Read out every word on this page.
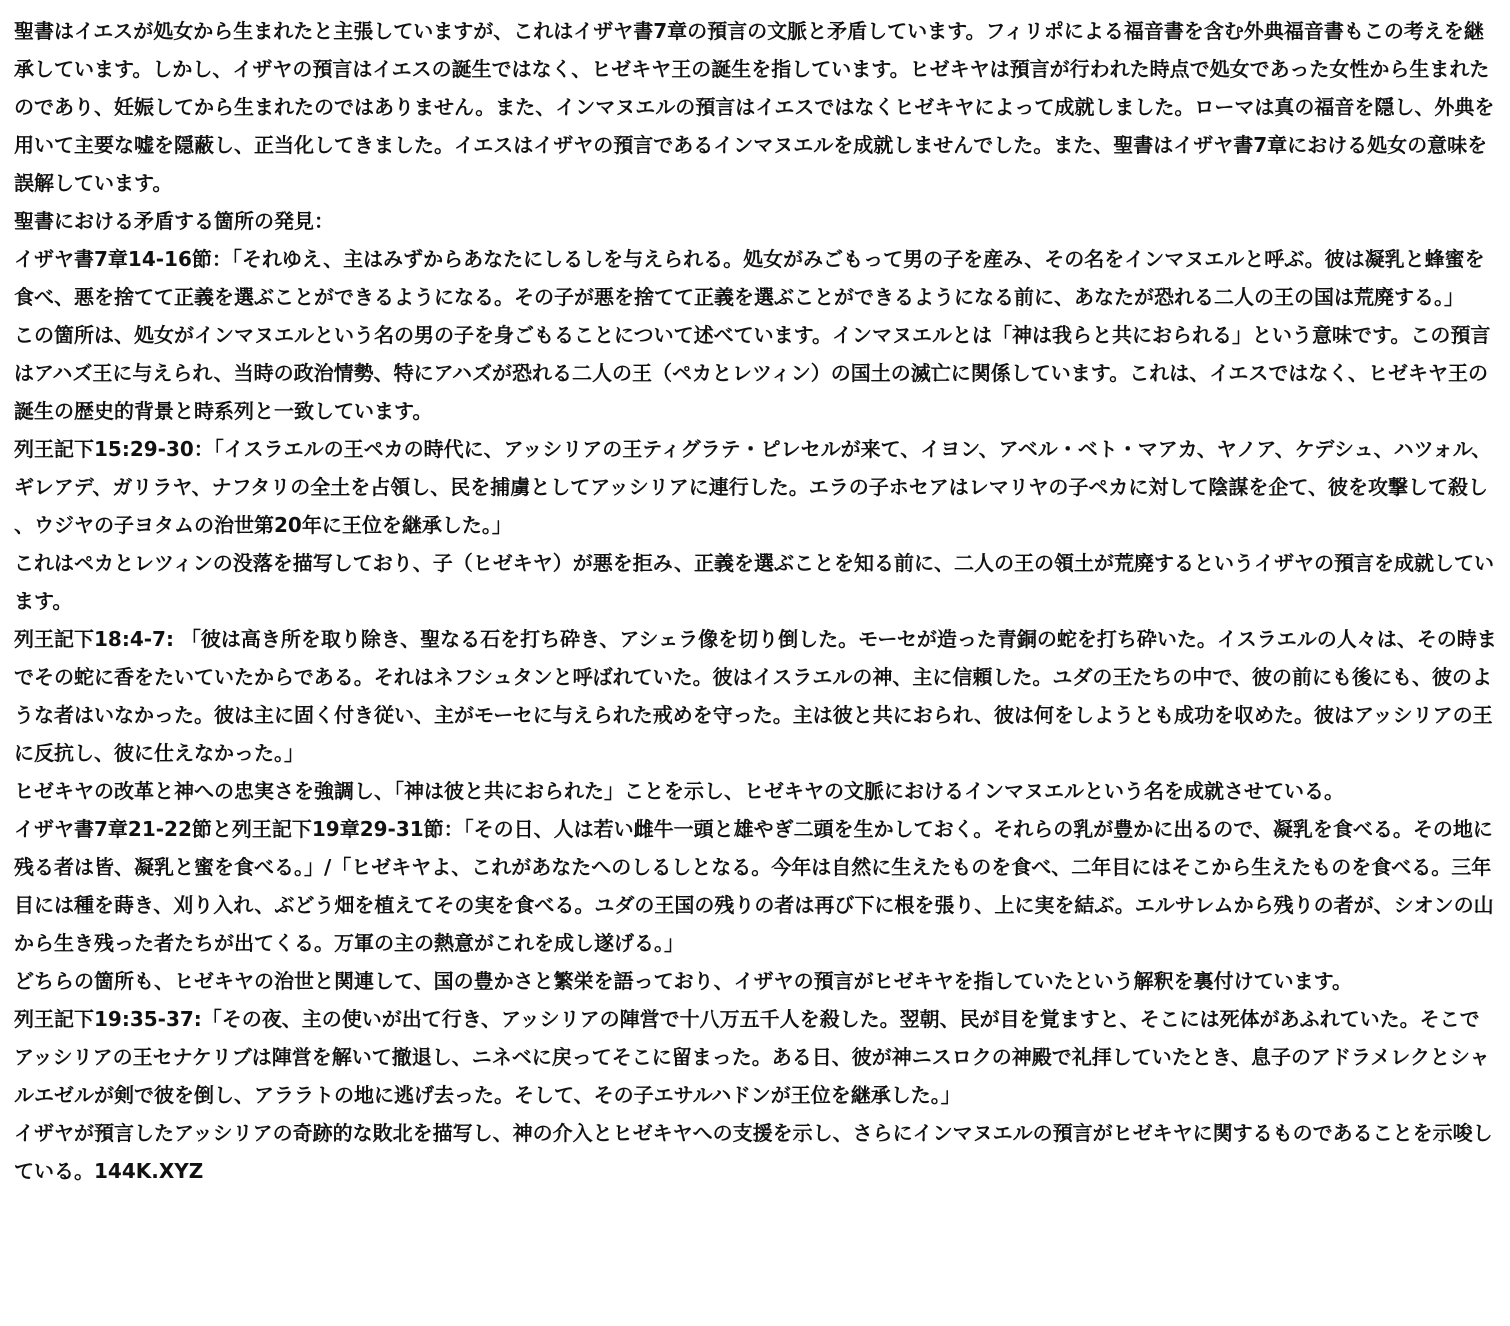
聖書はイエスが処女から生まれたと主張していますが、これはイザヤ書7章の預言の文脈と矛盾しています。フィリポによる福音書を含む外典福音書もこの考えを継承しています。しかし、イザヤの預言はイエスの誕生ではなく、ヒゼキヤ王の誕生を指しています。ヒゼキヤは預言が行われた時点で処女であった女性から生まれたのであり、妊娠してから生まれたのではありません。また、インマヌエルの預言はイエスではなくヒゼキヤによって成就しました。ローマは真の福音を隠し、外典を用いて主要な嘘を隠蔽し、正当化してきました。イエスはイザヤの預言であるインマヌエルを成就しませんでした。また、聖書はイザヤ書7章における処女の意味を誤解しています。

聖書における矛盾する箇所の発見：

イザヤ書7章14-16節：「それゆえ、主はみずからあなたにしるしを与えられる。処女がみごもって男の子を産み、その名をインマヌエルと呼ぶ。彼は凝乳と蜂蜜を食べ、悪を捨てて正義を選ぶことができるようになる。その子が悪を捨てて正義を選ぶことができるようになる前に、あなたが恐れる二人の王の国は荒廃する。」

この箇所は、処女がインマヌエルという名の男の子を身ごもることについて述べています。インマヌエルとは「神は我らと共におられる」という意味です。この預言はアハズ王に与えられ、当時の政治情勢、特にアハズが恐れる二人の王（ペカとレツィン）の国土の滅亡に関係しています。これは、イエスではなく、ヒゼキヤ王の誕生の歴史的背景と時系列と一致しています。

列王記下15:29-30：「イスラエルの王ペカの時代に、アッシリアの王ティグラテ・ピレセルが来て、イヨン、アベル・ベト・マアカ、ヤノア、ケデシュ、ハツォル、ギレアデ、ガリラヤ、ナフタリの全土を占領し、民を捕虜としてアッシリアに連行した。エラの子ホセアはレマリヤの子ペカに対して陰謀を企て、彼を攻撃して殺し、ウジヤの子ヨタムの治世第20年に王位を継承した。」

これはペカとレツィンの没落を描写しており、子（ヒゼキヤ）が悪を拒み、正義を選ぶことを知る前に、二人の王の領土が荒廃するというイザヤの預言を成就しています。

列王記下18:4-7: 「彼は高き所を取り除き、聖なる石を打ち砕き、アシェラ像を切り倒した。モーセが造った青銅の蛇を打ち砕いた。イスラエルの人々は、その時までその蛇に香をたいていたからである。それはネフシュタンと呼ばれていた。彼はイスラエルの神、主に信頼した。ユダの王たちの中で、彼の前にも後にも、彼のような者はいなかった。彼は主に固く付き従い、主がモーセに与えられた戒めを守った。主は彼と共におられ、彼は何をしようとも成功を収めた。彼はアッシリアの王に反抗し、彼に仕えなかった。」

ヒゼキヤの改革と神への忠実さを強調し、「神は彼と共におられた」ことを示し、ヒゼキヤの文脈におけるインマヌエルという名を成就させている。

イザヤ書7章21-22節と列王記下19章29-31節：「その日、人は若い雌牛一頭と雄やぎ二頭を生かしておく。それらの乳が豊かに出るので、凝乳を食べる。その地に残る者は皆、凝乳と蜜を食べる。」/「ヒゼキヤよ、これがあなたへのしるしとなる。今年は自然に生えたものを食べ、二年目にはそこから生えたものを食べる。三年目には種を蒔き、刈り入れ、ぶどう畑を植えてその実を食べる。ユダの王国の残りの者は再び下に根を張り、上に実を結ぶ。エルサレムから残りの者が、シオンの山から生き残った者たちが出てくる。万軍の主の熱意がこれを成し遂げる。」

どちらの箇所も、ヒゼキヤの治世と関連して、国の豊かさと繁栄を語っており、イザヤの預言がヒゼキヤを指していたという解釈を裏付けています。

列王記下19:35-37:「その夜、主の使いが出て行き、アッシリアの陣営で十八万五千人を殺した。翌朝、民が目を覚ますと、そこには死体があふれていた。そこでアッシリアの王セナケリブは陣営を解いて撤退し、ニネベに戻ってそこに留まった。ある日、彼が神ニスロクの神殿で礼拝していたとき、息子のアドラメレクとシャルエゼルが剣で彼を倒し、アララトの地に逃げ去った。そして、その子エサルハドンが王位を継承した。」

イザヤが預言したアッシリアの奇跡的な敗北を描写し、神の介入とヒゼキヤへの支援を示し、さらにインマヌエルの預言がヒゼキヤに関するものであることを示唆している。144K.XYZ
